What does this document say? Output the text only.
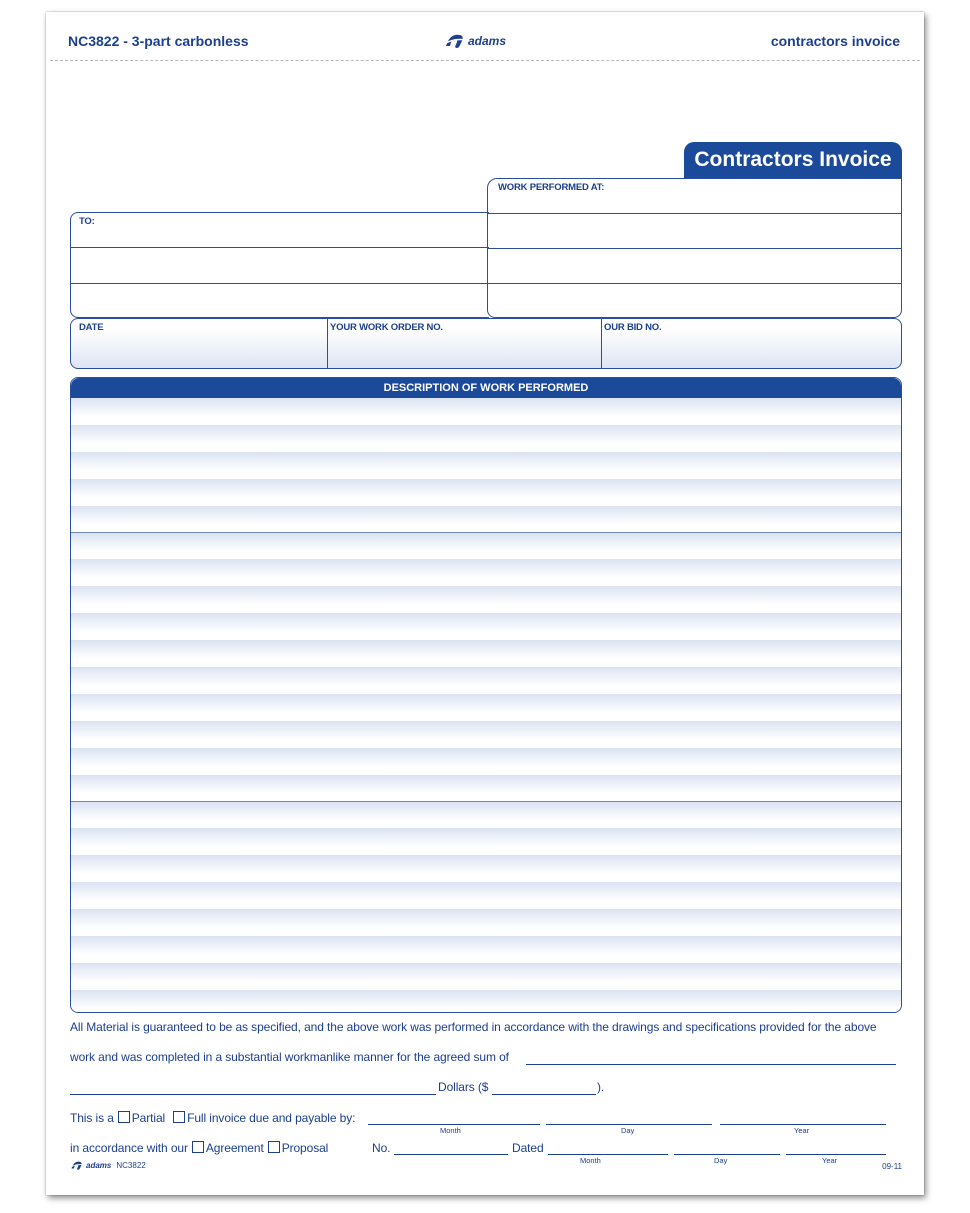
NC3822 - 3-part carbonless	adams	contractors invoice
Contractors Invoice
TO:
WORK PERFORMED AT:
DATE	YOUR WORK ORDER NO.	OUR BID NO.
DESCRIPTION OF WORK PERFORMED
All Material is guaranteed to be as specified, and the above work was performed in accordance with the drawings and specifications provided for the above
work and was completed in a substantial workmanlike manner for the agreed sum of
Dollars ($	).
This is a Partial Full invoice due and payable by:
Month	Day	Year
in accordance with our Agreement Proposal	No.	Dated
Month	Day	Year
adams NC3822	09-11
